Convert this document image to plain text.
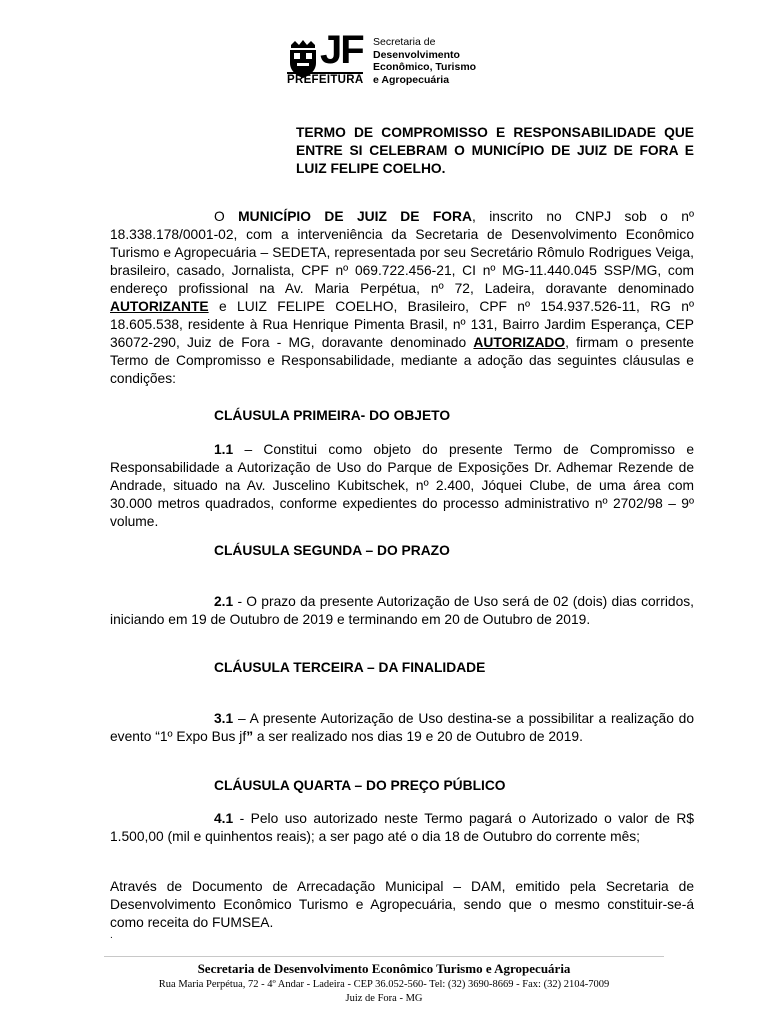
JF
PREFEITURA
Secretaria de
Desenvolvimento
Econômico, Turismo
e Agropecuária

TERMO DE COMPROMISSO E RESPONSABILIDADE QUE ENTRE SI CELEBRAM O MUNICÍPIO DE JUIZ DE FORA E LUIZ FELIPE COELHO.

O MUNICÍPIO DE JUIZ DE FORA, inscrito no CNPJ sob o nº 18.338.178/0001-02, com a interveniência da Secretaria de Desenvolvimento Econômico Turismo e Agropecuária – SEDETA, representada por seu Secretário Rômulo Rodrigues Veiga, brasileiro, casado, Jornalista, CPF nº 069.722.456-21, CI nº MG-11.440.045 SSP/MG, com endereço profissional na Av. Maria Perpétua, nº 72, Ladeira, doravante denominado AUTORIZANTE e LUIZ FELIPE COELHO, Brasileiro, CPF nº 154.937.526-11, RG nº 18.605.538, residente à Rua Henrique Pimenta Brasil, nº 131, Bairro Jardim Esperança, CEP 36072-290, Juiz de Fora - MG, doravante denominado AUTORIZADO, firmam o presente Termo de Compromisso e Responsabilidade, mediante a adoção das seguintes cláusulas e condições:

CLÁUSULA PRIMEIRA- DO OBJETO

1.1 – Constitui como objeto do presente Termo de Compromisso e Responsabilidade a Autorização de Uso do Parque de Exposições Dr. Adhemar Rezende de Andrade, situado na Av. Juscelino Kubitschek, nº 2.400, Jóquei Clube, de uma área com 30.000 metros quadrados, conforme expedientes do processo administrativo nº 2702/98 – 9º volume.

CLÁUSULA SEGUNDA – DO PRAZO

2.1 - O prazo da presente Autorização de Uso será de 02 (dois) dias corridos, iniciando em 19 de Outubro de 2019 e terminando em 20 de Outubro de 2019.

CLÁUSULA TERCEIRA – DA FINALIDADE

3.1 – A presente Autorização de Uso destina-se a possibilitar a realização do evento “1º Expo Bus jf” a ser realizado nos dias 19 e 20 de Outubro de 2019.

CLÁUSULA QUARTA – DO PREÇO PÚBLICO

4.1 - Pelo uso autorizado neste Termo pagará o Autorizado o valor de R$ 1.500,00 (mil e quinhentos reais); a ser pago até o dia 18 de Outubro do corrente mês;

Através de Documento de Arrecadação Municipal – DAM, emitido pela Secretaria de Desenvolvimento Econômico Turismo e Agropecuária, sendo que o mesmo constituir-se-á como receita do FUMSEA.

.

Secretaria de Desenvolvimento Econômico Turismo e Agropecuária

Rua Maria Perpétua, 72 - 4º Andar - Ladeira - CEP 36.052-560- Tel: (32) 3690-8669 - Fax: (32) 2104-7009

Juiz de Fora - MG
